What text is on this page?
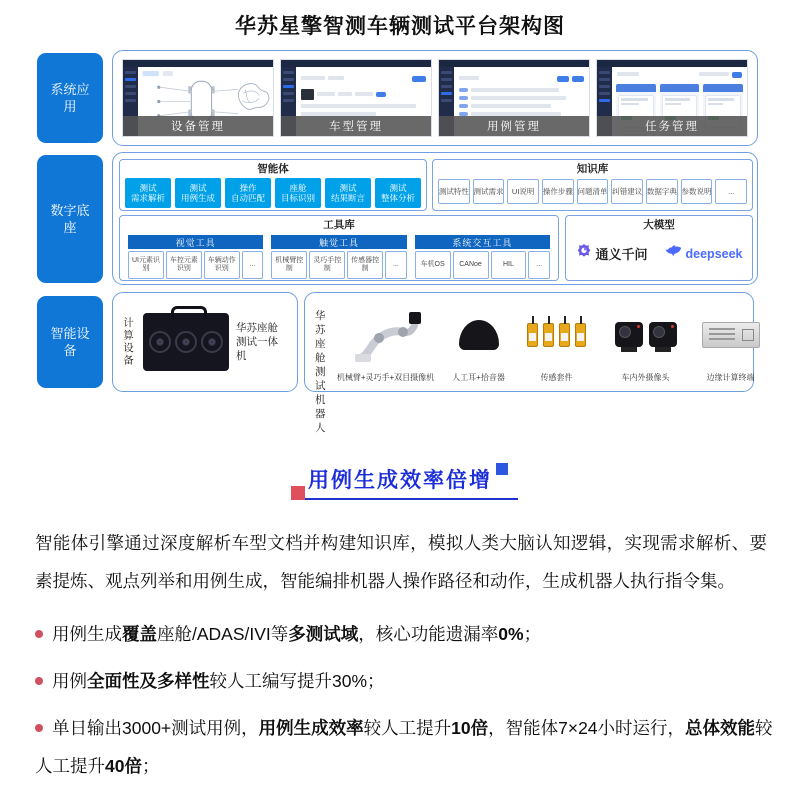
华苏星擎智测车辆测试平台架构图
系统应用
数字底座
智能设备
设备管理	车型管理	用例管理	任务管理
智能体
测试
需求解析
测试
用例生成
操作
自动匹配
座舱
目标识别
测试
结果断言
测试
整体分析
知识库
测试特性 测试需求	UI说明	操作步骤 问题清单 纠错建议 数据字典 参数说明	...
工具库
视觉工具
UI元素识别
车控元素识别
车辆动作识别
...
触觉工具
机械臂控制
灵巧手控制
传感器控制
...
系统交互工具
车机OS	CANoe	HIL	...
大模型
通义千问	deepseek
计算设备	华苏座舱测试一体机
华苏座舱测试机器人
机械臂+灵巧手+双目摄像机 人工耳+拾音器	传感套件	车内外摄像头	边缘计算终端
用例生成效率倍增
智能体引擎通过深度解析车型文档并构建知识库，模拟人类大脑认知逻辑，实现需求解析、要素提炼、观点列举和用例生成，智能编排机器人操作路径和动作，生成机器人执行指令集。
用例生成覆盖座舱/ADAS/IVI等多测试域，核心功能遗漏率0%；
用例全面性及多样性较人工编写提升30%；
单日输出3000+测试用例，用例生成效率较人工提升10倍，智能体7×24小时运行，总体效能较人工提升40倍；
